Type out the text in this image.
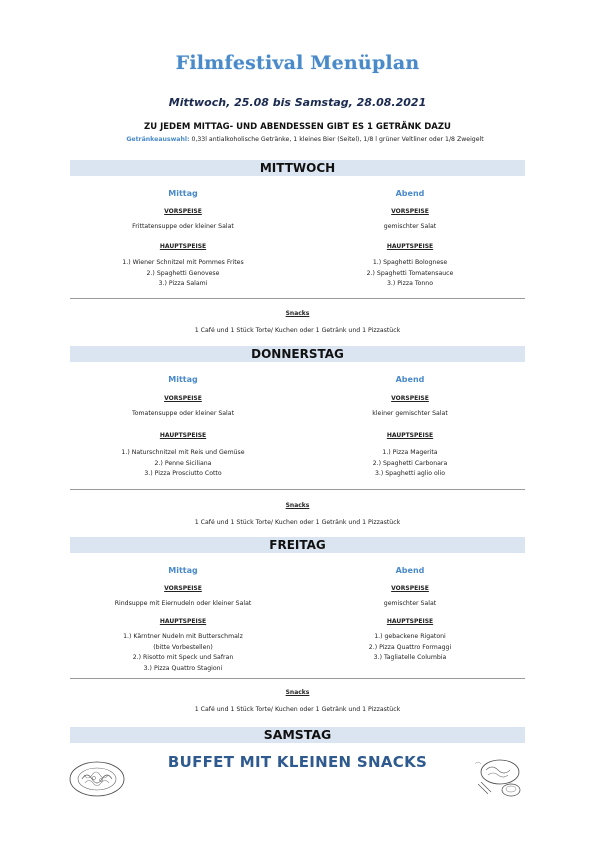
Filmfestival Menüplan
Mittwoch, 25.08 bis Samstag, 28.08.2021
ZU JEDEM MITTAG- UND ABENDESSEN GIBT ES 1 GETRÄNK DAZU
Getränkeauswahl: 0,33l antialkoholische Getränke, 1 kleines Bier (Seitel), 1/8 l grüner Veltliner oder 1/8 Zweigelt
MITTWOCH
Mittag	Abend
VORSPEISE	VORSPEISE
Frittatensuppe oder kleiner Salat	gemischter Salat
HAUPTSPEISE	HAUPTSPEISE
1.) Wiener Schnitzel mit Pommes Frites
2.) Spaghetti Genovese
3.) Pizza Salami
1.) Spaghetti Bolognese
2.) Spaghetti Tomatensauce
3.) Pizza Tonno
Snacks
1 Café und 1 Stück Torte/ Kuchen oder 1 Getränk und 1 Pizzastück
DONNERSTAG
Mittag	Abend
VORSPEISE	VORSPEISE
Tomatensuppe oder kleiner Salat	kleiner gemischter Salat
HAUPTSPEISE	HAUPTSPEISE
1.) Naturschnitzel mit Reis und Gemüse
2.) Penne Siciliana
3.) Pizza Prosciutto Cotto
1.) Pizza Magerita
2.) Spaghetti Carbonara
3.) Spaghetti aglio olio
Snacks
1 Café und 1 Stück Torte/ Kuchen oder 1 Getränk und 1 Pizzastück
FREITAG
Mittag	Abend
VORSPEISE	VORSPEISE
Rindsuppe mit Eiernudeln oder kleiner Salat	gemischter Salat
HAUPTSPEISE	HAUPTSPEISE
1.) Kärntner Nudeln mit Butterschmalz
(bitte Vorbestellen)
2.) Risotto mit Speck und Safran
3.) Pizza Quattro Stagioni
1.) gebackene Rigatoni
2.) Pizza Quattro Formaggi
3.) Tagliatelle Columbia
Snacks
1 Café und 1 Stück Torte/ Kuchen oder 1 Getränk und 1 Pizzastück
SAMSTAG
BUFFET MIT KLEINEN SNACKS
